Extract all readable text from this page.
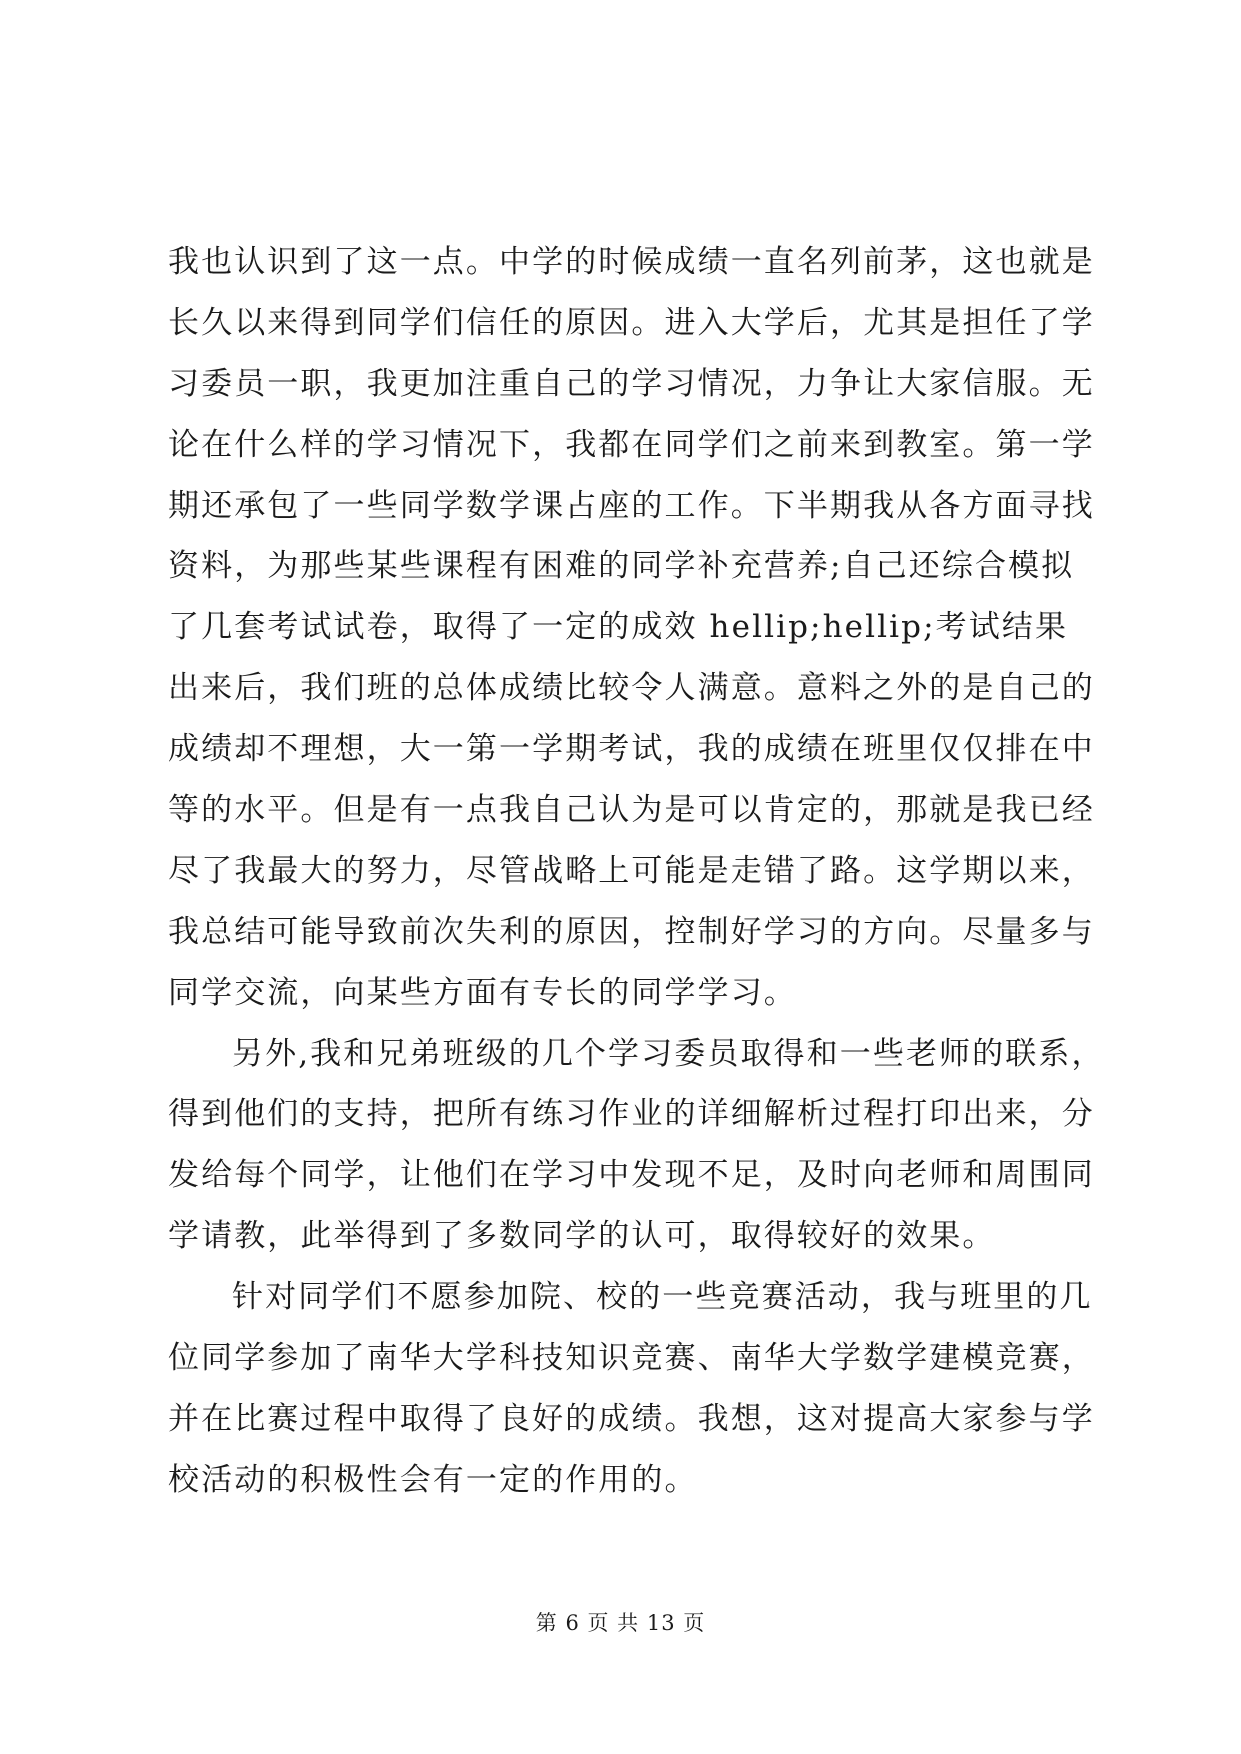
我也认识到了这一点。中学的时候成绩一直名列前茅，这也就是
长久以来得到同学们信任的原因。进入大学后，尤其是担任了学
习委员一职，我更加注重自己的学习情况，力争让大家信服。无
论在什么样的学习情况下，我都在同学们之前来到教室。第一学
期还承包了一些同学数学课占座的工作。下半期我从各方面寻找
资料，为那些某些课程有困难的同学补充营养;自己还综合模拟
了几套考试试卷，取得了一定的成效 hellip;hellip;考试结果
出来后，我们班的总体成绩比较令人满意。意料之外的是自己的
成绩却不理想，大一第一学期考试，我的成绩在班里仅仅排在中
等的水平。但是有一点我自己认为是可以肯定的，那就是我已经
尽了我最大的努力，尽管战略上可能是走错了路。这学期以来，
我总结可能导致前次失利的原因，控制好学习的方向。尽量多与
同学交流，向某些方面有专长的同学学习。
另外,我和兄弟班级的几个学习委员取得和一些老师的联系，
得到他们的支持，把所有练习作业的详细解析过程打印出来，分
发给每个同学，让他们在学习中发现不足，及时向老师和周围同
学请教，此举得到了多数同学的认可，取得较好的效果。
针对同学们不愿参加院、校的一些竞赛活动，我与班里的几
位同学参加了南华大学科技知识竞赛、南华大学数学建模竞赛，
并在比赛过程中取得了良好的成绩。我想，这对提高大家参与学
校活动的积极性会有一定的作用的。
第 6 页 共 13 页
